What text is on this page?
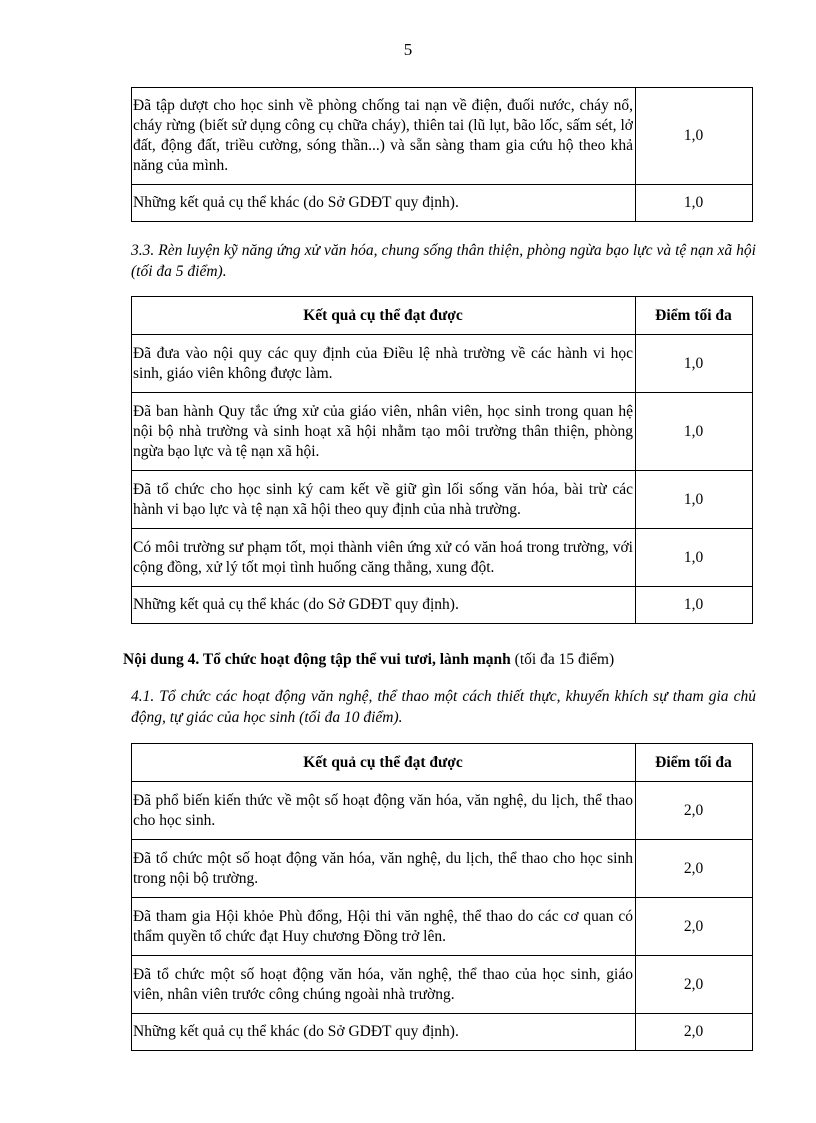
5
Đã tập dượt cho học sinh về phòng chống tai nạn về điện, đuối nước, cháy nổ, cháy rừng (biết sử dụng công cụ chữa cháy), thiên tai (lũ lụt, bão lốc, sấm sét, lở đất, động đất, triều cường, sóng thần...) và sẵn sàng tham gia cứu hộ theo khả năng của mình.	1,0
Những kết quả cụ thể khác (do Sở GDĐT quy định).	1,0
3.3. Rèn luyện kỹ năng ứng xử văn hóa, chung sống thân thiện, phòng ngừa bạo lực và tệ nạn xã hội (tối đa 5 điểm).
Kết quả cụ thể đạt được	Điểm tối đa
Đã đưa vào nội quy các quy định của Điều lệ nhà trường về các hành vi học sinh, giáo viên không được làm.	1,0
Đã ban hành Quy tắc ứng xử của giáo viên, nhân viên, học sinh trong quan hệ nội bộ nhà trường và sinh hoạt xã hội nhằm tạo môi trường thân thiện, phòng ngừa bạo lực và tệ nạn xã hội.	1,0
Đã tổ chức cho học sinh ký cam kết về giữ gìn lối sống văn hóa, bài trừ các hành vi bạo lực và tệ nạn xã hội theo quy định của nhà trường.	1,0
Có môi trường sư phạm tốt, mọi thành viên ứng xử có văn hoá trong trường, với cộng đồng, xử lý tốt mọi tình huống căng thẳng, xung đột.	1,0
Những kết quả cụ thể khác (do Sở GDĐT quy định).	1,0
Nội dung 4. Tổ chức hoạt động tập thể vui tươi, lành mạnh (tối đa 15 điểm)
4.1. Tổ chức các hoạt động văn nghệ, thể thao một cách thiết thực, khuyến khích sự tham gia chủ động, tự giác của học sinh (tối đa 10 điểm).
Kết quả cụ thể đạt được	Điểm tối đa
Đã phổ biến kiến thức về một số hoạt động văn hóa, văn nghệ, du lịch, thể thao cho học sinh.	2,0
Đã tổ chức một số hoạt động văn hóa, văn nghệ, du lịch, thể thao cho học sinh trong nội bộ trường.	2,0
Đã tham gia Hội khỏe Phù đổng, Hội thi văn nghệ, thể thao do các cơ quan có thẩm quyền tổ chức đạt Huy chương Đồng trở lên.	2,0
Đã tổ chức một số hoạt động văn hóa, văn nghệ, thể thao của học sinh, giáo viên, nhân viên trước công chúng ngoài nhà trường.	2,0
Những kết quả cụ thể khác (do Sở GDĐT quy định).	2,0
